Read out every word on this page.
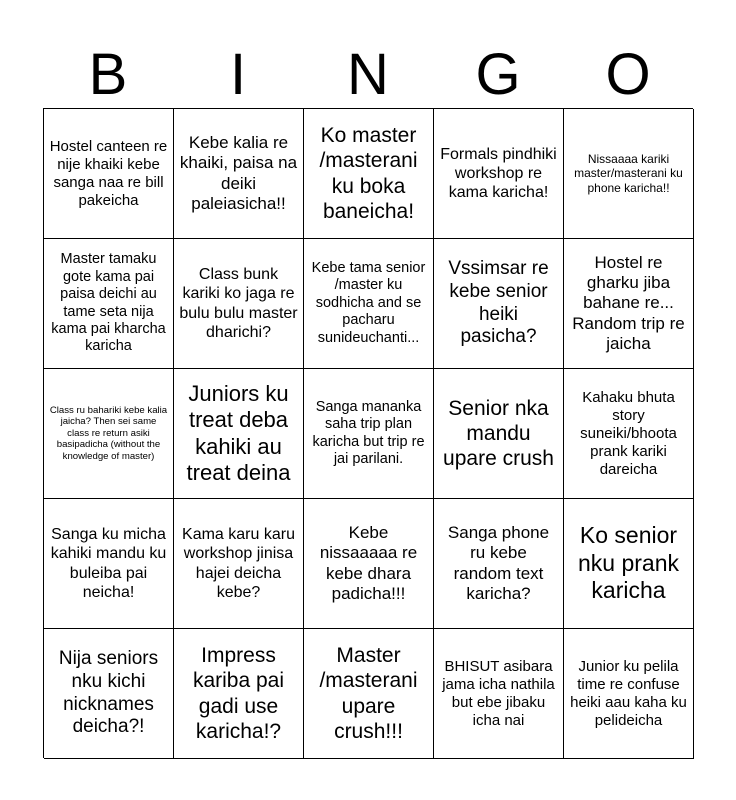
B	I	N	G	O
Hostel canteen re nije khaiki kebe sanga naa re bill pakeicha
Kebe kalia re khaiki, paisa na deiki paleiasicha!!
Ko master /masterani ku boka baneicha!
Formals pindhiki workshop re kama karicha!
Nissaaaa kariki master/masterani ku phone karicha!!
Master tamaku gote kama pai paisa deichi au tame seta nija kama pai kharcha karicha
Class bunk kariki ko jaga re bulu bulu master dharichi?
Kebe tama senior /master ku sodhicha and se pacharu sunideuchanti...
Vssimsar re kebe senior heiki pasicha?
Hostel re gharku jiba bahane re... Random trip re jaicha
Class ru bahariki kebe kalia jaicha? Then sei same class re return asiki basipadicha (without the knowledge of master)
Juniors ku treat deba kahiki au treat deina
Sanga mananka saha trip plan karicha but trip re jai parilani.
Senior nka mandu upare crush
Kahaku bhuta story suneiki/bhoota prank kariki dareicha
Sanga ku micha kahiki mandu ku buleiba pai neicha!
Kama karu karu workshop jinisa hajei deicha kebe?
Kebe nissaaaaa re kebe dhara padicha!!!
Sanga phone ru kebe random text karicha?
Ko senior nku prank karicha
Nija seniors nku kichi nicknames deicha?!
Impress kariba pai gadi use karicha!?
Master /masterani upare crush!!!
BHISUT asibara jama icha nathila but ebe jibaku icha nai
Junior ku pelila time re confuse heiki aau kaha ku pelideicha
